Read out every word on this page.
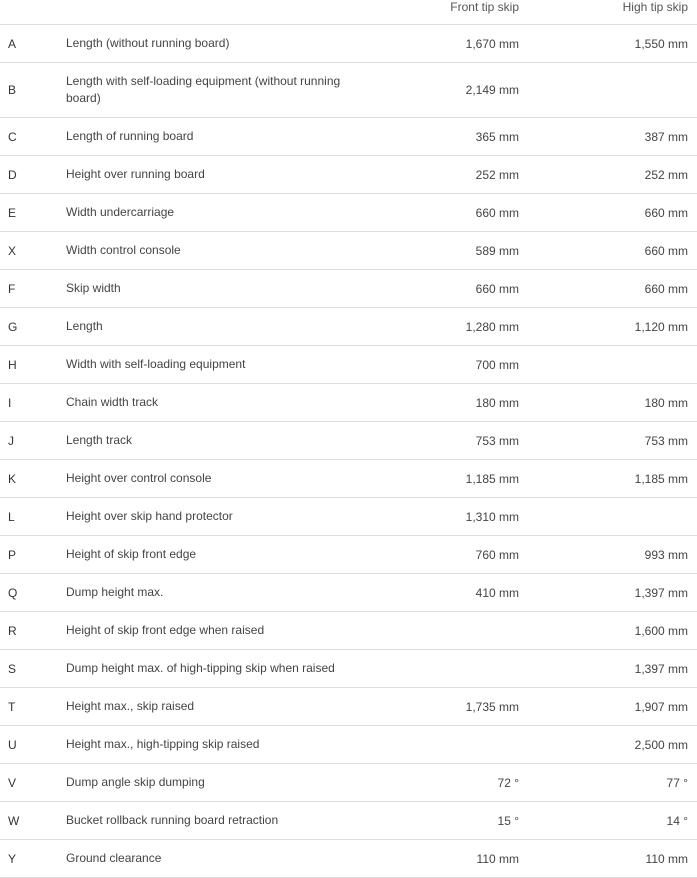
		Front tip skip	High tip skip
A	Length (without running board)	1,670 mm	1,550 mm
B	Length with self-loading equipment (without running board)	2,149 mm	
C	Length of running board	365 mm	387 mm
D	Height over running board	252 mm	252 mm
E	Width undercarriage	660 mm	660 mm
X	Width control console	589 mm	660 mm
F	Skip width	660 mm	660 mm
G	Length	1,280 mm	1,120 mm
H	Width with self-loading equipment	700 mm	
I	Chain width track	180 mm	180 mm
J	Length track	753 mm	753 mm
K	Height over control console	1,185 mm	1,185 mm
L	Height over skip hand protector	1,310 mm	
P	Height of skip front edge	760 mm	993 mm
Q	Dump height max.	410 mm	1,397 mm
R	Height of skip front edge when raised		1,600 mm
S	Dump height max. of high-tipping skip when raised		1,397 mm
T	Height max., skip raised	1,735 mm	1,907 mm
U	Height max., high-tipping skip raised		2,500 mm
V	Dump angle skip dumping	72 °	77 °
W	Bucket rollback running board retraction	15 °	14 °
Y	Ground clearance	110 mm	110 mm
